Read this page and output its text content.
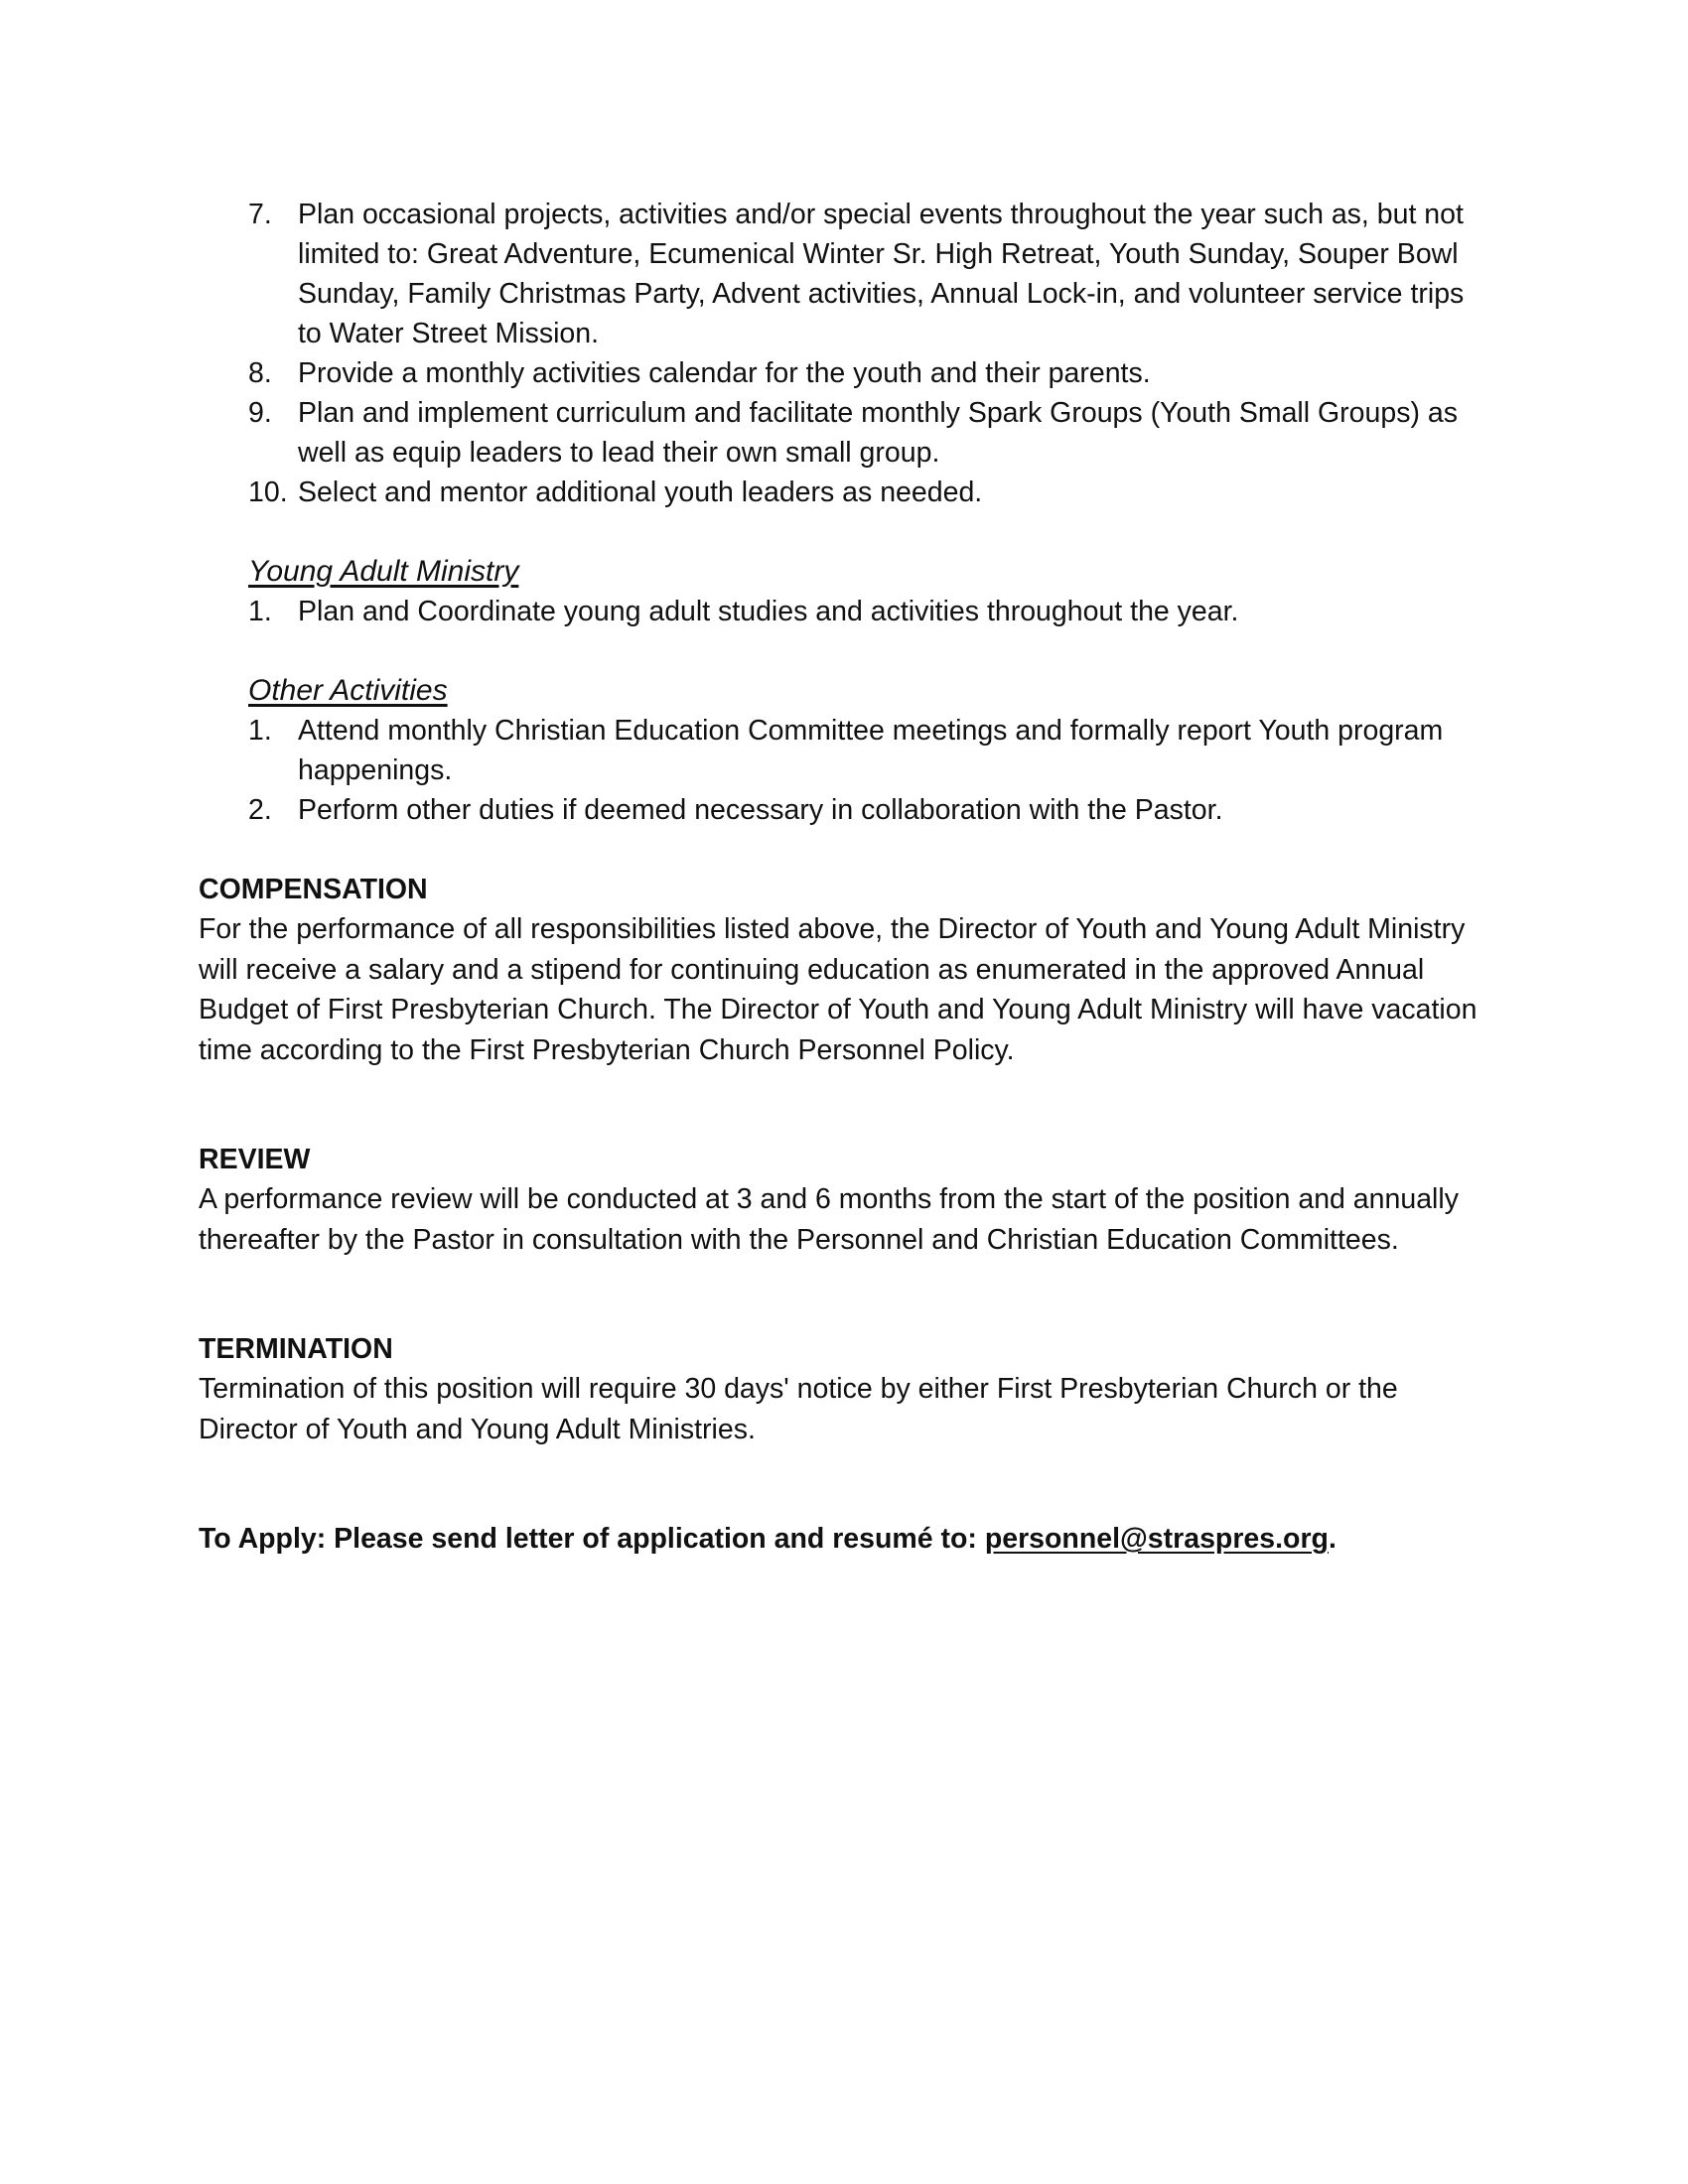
7. Plan occasional projects, activities and/or special events throughout the year such as, but not limited to: Great Adventure, Ecumenical Winter Sr. High Retreat, Youth Sunday, Souper Bowl Sunday, Family Christmas Party, Advent activities, Annual Lock-in, and volunteer service trips to Water Street Mission.
8. Provide a monthly activities calendar for the youth and their parents.
9. Plan and implement curriculum and facilitate monthly Spark Groups (Youth Small Groups) as well as equip leaders to lead their own small group.
10. Select and mentor additional youth leaders as needed.
Young Adult Ministry
1. Plan and Coordinate young adult studies and activities throughout the year.
Other Activities
1. Attend monthly Christian Education Committee meetings and formally report Youth program happenings.
2. Perform other duties if deemed necessary in collaboration with the Pastor.

COMPENSATION

For the performance of all responsibilities listed above, the Director of Youth and Young Adult Ministry will receive a salary and a stipend for continuing education as enumerated in the approved Annual Budget of First Presbyterian Church. The Director of Youth and Young Adult Ministry will have vacation time according to the First Presbyterian Church Personnel Policy.

REVIEW

A performance review will be conducted at 3 and 6 months from the start of the position and annually thereafter by the Pastor in consultation with the Personnel and Christian Education Committees.

TERMINATION

Termination of this position will require 30 days' notice by either First Presbyterian Church or the Director of Youth and Young Adult Ministries.

To Apply: Please send letter of application and resumé to: personnel@straspres.org.
